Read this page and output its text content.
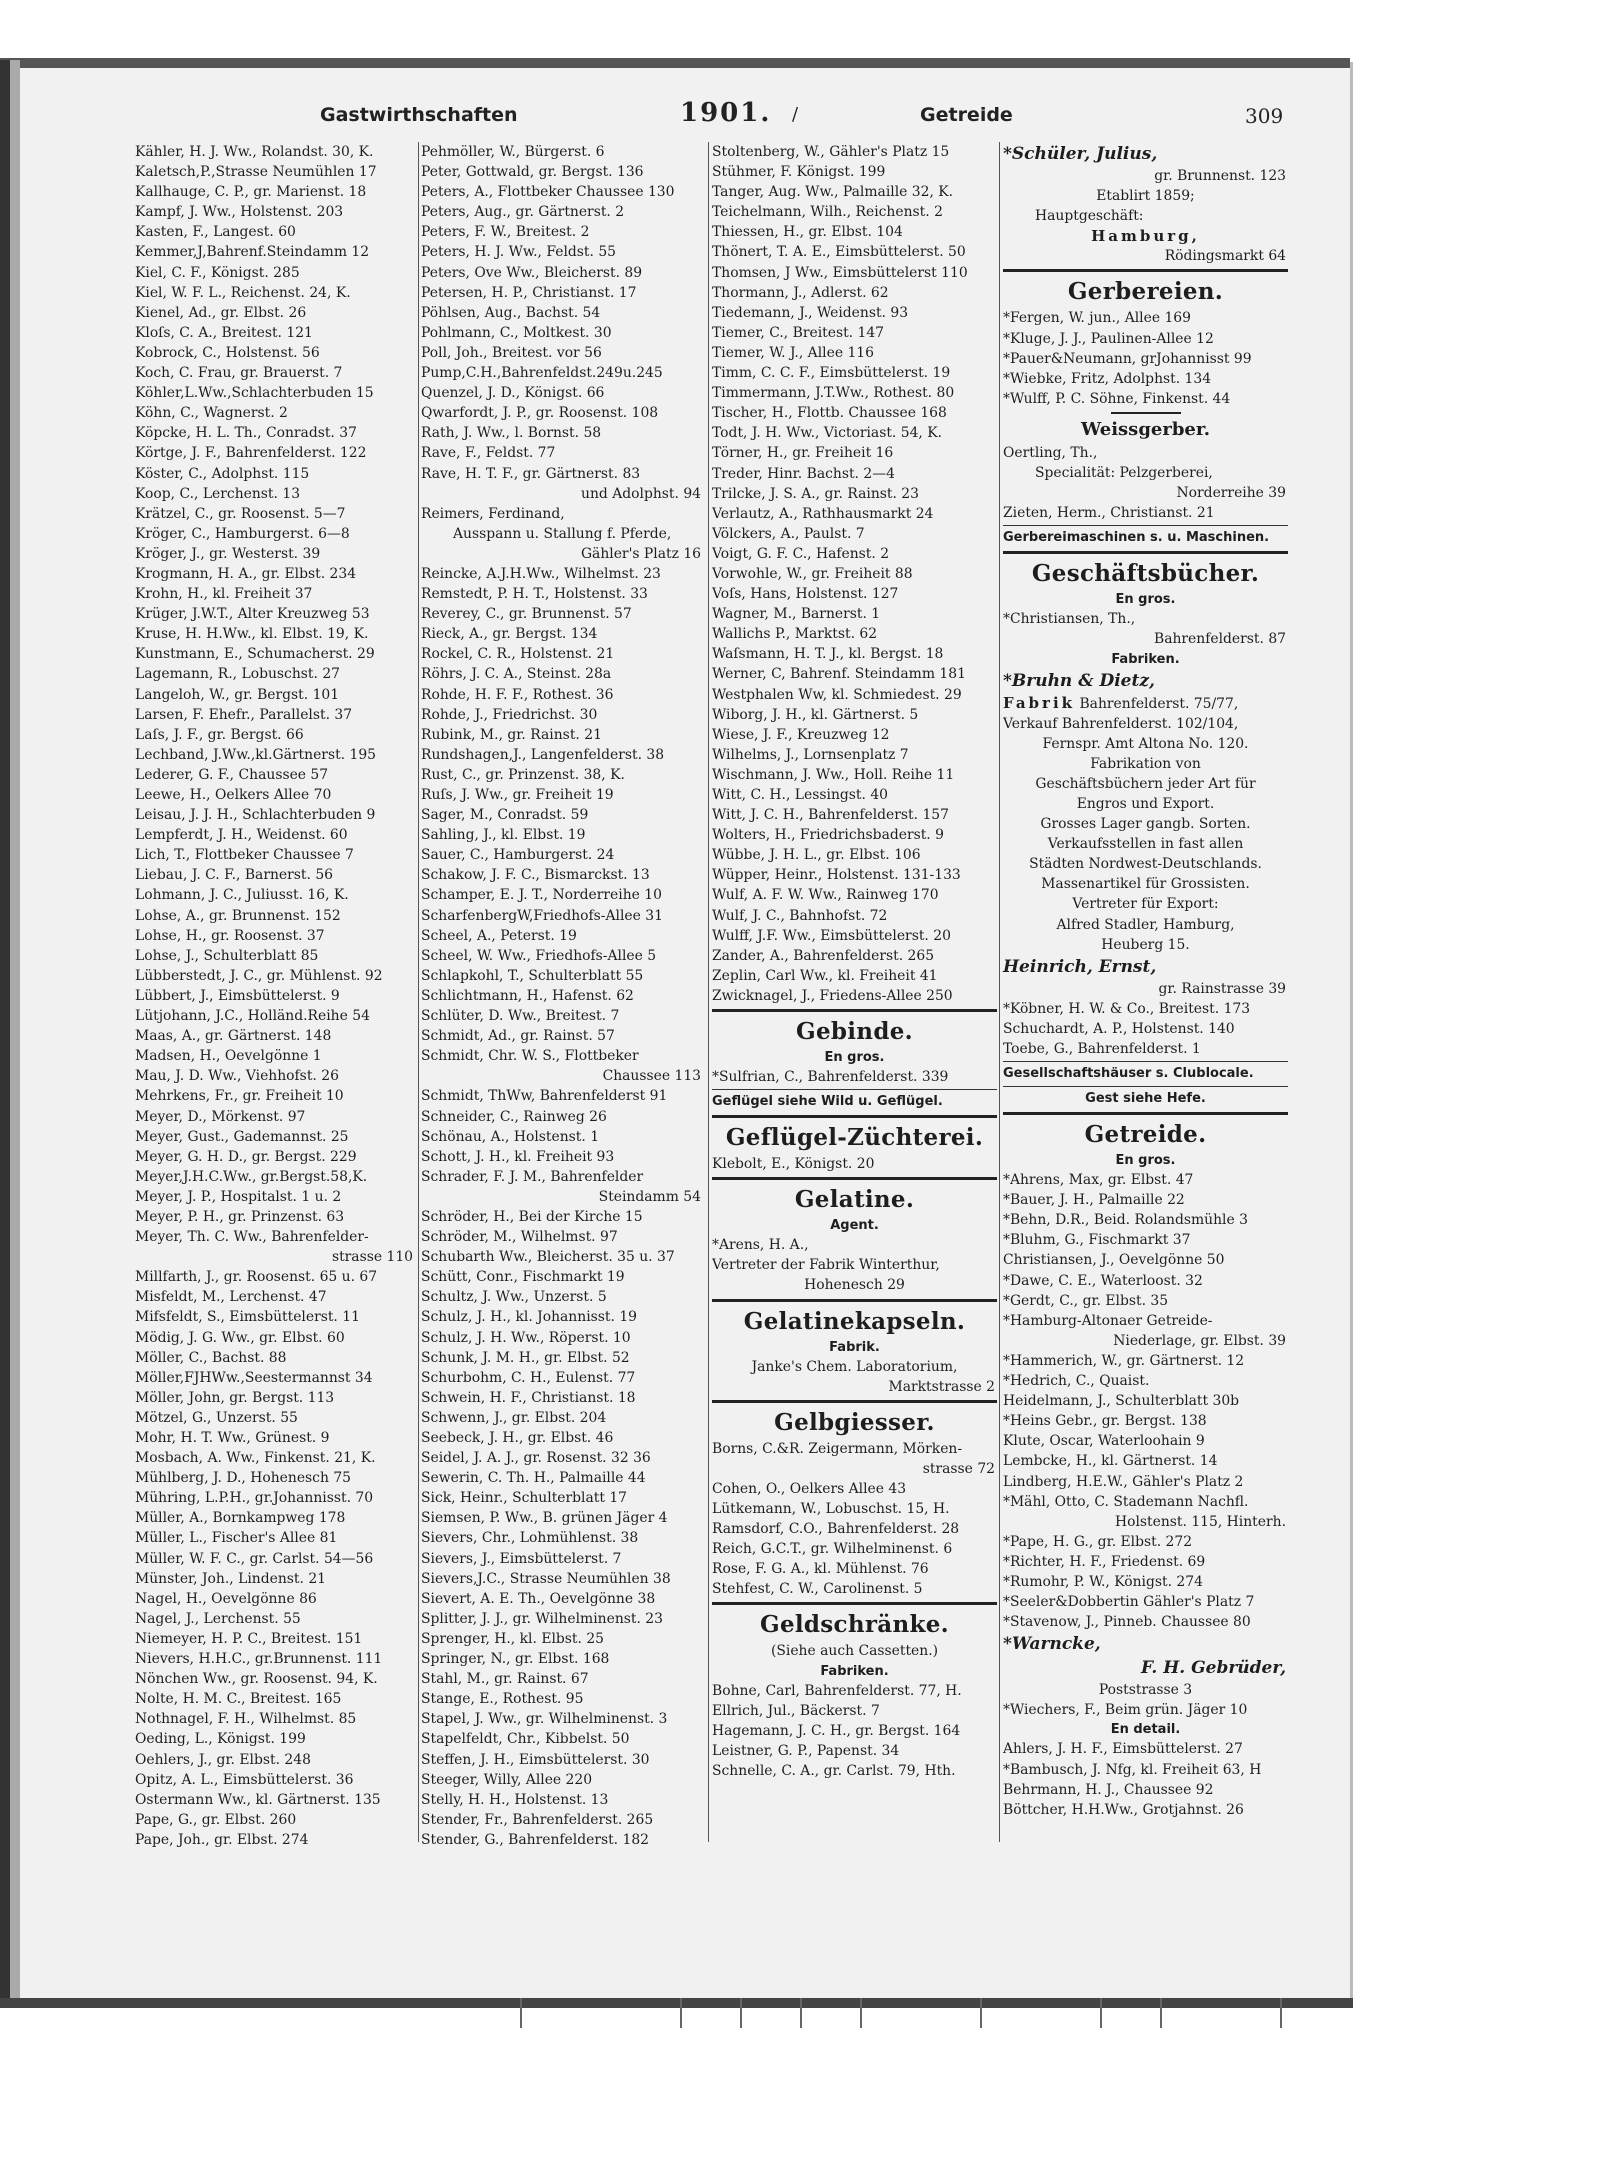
Gastwirthschaften	1901. /	Getreide	309
Kähler, H. J. Ww., Rolandst. 30, K.
Kaletsch,P.,Strasse Neumühlen 17
Kallhauge, C. P., gr. Marienst. 18
Kampf, J. Ww., Holstenst. 203
Kasten, F., Langest. 60
Kemmer,J,Bahrenf.Steindamm 12
Kiel, C. F., Königst. 285
Kiel, W. F. L., Reichenst. 24, K.
Kienel, Ad., gr. Elbst. 26
Kloſs, C. A., Breitest. 121
Kobrock, C., Holstenst. 56
Koch, C. Frau, gr. Brauerst. 7
Köhler,L.Ww.,Schlachterbuden 15
Köhn, C., Wagnerst. 2
Köpcke, H. L. Th., Conradst. 37
Körtge, J. F., Bahrenfelderst. 122
Köster, C., Adolphst. 115
Koop, C., Lerchenst. 13
Krätzel, C., gr. Roosenst. 5—7
Kröger, C., Hamburgerst. 6—8
Kröger, J., gr. Westerst. 39
Krogmann, H. A., gr. Elbst. 234
Krohn, H., kl. Freiheit 37
Krüger, J.W.T., Alter Kreuzweg 53
Kruse, H. H.Ww., kl. Elbst. 19, K.
Kunstmann, E., Schumacherst. 29
Lagemann, R., Lobuschst. 27
Langeloh, W., gr. Bergst. 101
Larsen, F. Ehefr., Parallelst. 37
Laſs, J. F., gr. Bergst. 66
Lechband, J.Ww.,kl.Gärtnerst. 195
Lederer, G. F., Chaussee 57
Leewe, H., Oelkers Allee 70
Leisau, J. J. H., Schlachterbuden 9
Lempferdt, J. H., Weidenst. 60
Lich, T., Flottbeker Chaussee 7
Liebau, J. C. F., Barnerst. 56
Lohmann, J. C., Juliusst. 16, K.
Lohse, A., gr. Brunnenst. 152
Lohse, H., gr. Roosenst. 37
Lohse, J., Schulterblatt 85
Lübberstedt, J. C., gr. Mühlenst. 92
Lübbert, J., Eimsbüttelerst. 9
Lütjohann, J.C., Holländ.Reihe 54
Maas, A., gr. Gärtnerst. 148
Madsen, H., Oevelgönne 1
Mau, J. D. Ww., Viehhofst. 26
Mehrkens, Fr., gr. Freiheit 10
Meyer, D., Mörkenst. 97
Meyer, Gust., Gademannst. 25
Meyer, G. H. D., gr. Bergst. 229
Meyer,J.H.C.Ww., gr.Bergst.58,K.
Meyer, J. P., Hospitalst. 1 u. 2
Meyer, P. H., gr. Prinzenst. 63
Meyer, Th. C. Ww., Bahrenfelder-
strasse 110
Millfarth, J., gr. Roosenst. 65 u. 67
Misfeldt, M., Lerchenst. 47
Mifsfeldt, S., Eimsbüttelerst. 11
Mödig, J. G. Ww., gr. Elbst. 60
Möller, C., Bachst. 88
Möller,FJHWw.,Seestermannst 34
Möller, John, gr. Bergst. 113
Mötzel, G., Unzerst. 55
Mohr, H. T. Ww., Grünest. 9
Mosbach, A. Ww., Finkenst. 21, K.
Mühlberg, J. D., Hohenesch 75
Mühring, L.P.H., gr.Johannisst. 70
Müller, A., Bornkampweg 178
Müller, L., Fischer's Allee 81
Müller, W. F. C., gr. Carlst. 54—56
Münster, Joh., Lindenst. 21
Nagel, H., Oevelgönne 86
Nagel, J., Lerchenst. 55
Niemeyer, H. P. C., Breitest. 151
Nievers, H.H.C., gr.Brunnenst. 111
Nönchen Ww., gr. Roosenst. 94, K.
Nolte, H. M. C., Breitest. 165
Nothnagel, F. H., Wilhelmst. 85
Oeding, L., Königst. 199
Oehlers, J., gr. Elbst. 248
Opitz, A. L., Eimsbüttelerst. 36
Ostermann Ww., kl. Gärtnerst. 135
Pape, G., gr. Elbst. 260
Pape, Joh., gr. Elbst. 274
Pehmöller, W., Bürgerst. 6
Peter, Gottwald, gr. Bergst. 136
Peters, A., Flottbeker Chaussee 130
Peters, Aug., gr. Gärtnerst. 2
Peters, F. W., Breitest. 2
Peters, H. J. Ww., Feldst. 55
Peters, Ove Ww., Bleicherst. 89
Petersen, H. P., Christianst. 17
Pöhlsen, Aug., Bachst. 54
Pohlmann, C., Moltkest. 30
Poll, Joh., Breitest. vor 56
Pump,C.H.,Bahrenfeldst.249u.245
Quenzel, J. D., Königst. 66
Qwarfordt, J. P., gr. Roosenst. 108
Rath, J. Ww., l. Bornst. 58
Rave, F., Feldst. 77
Rave, H. T. F., gr. Gärtnerst. 83
und Adolphst. 94
Reimers, Ferdinand,
Ausspann u. Stallung f. Pferde,
Gähler's Platz 16
Reincke, A.J.H.Ww., Wilhelmst. 23
Remstedt, P. H. T., Holstenst. 33
Reverey, C., gr. Brunnenst. 57
Rieck, A., gr. Bergst. 134
Rockel, C. R., Holstenst. 21
Röhrs, J. C. A., Steinst. 28a
Rohde, H. F. F., Rothest. 36
Rohde, J., Friedrichst. 30
Rubink, M., gr. Rainst. 21
Rundshagen,J., Langenfelderst. 38
Rust, C., gr. Prinzenst. 38, K.
Ruſs, J. Ww., gr. Freiheit 19
Sager, M., Conradst. 59
Sahling, J., kl. Elbst. 19
Sauer, C., Hamburgerst. 24
Schakow, J. F. C., Bismarckst. 13
Schamper, E. J. T., Norderreihe 10
ScharfenbergW,Friedhofs-Allee 31
Scheel, A., Peterst. 19
Scheel, W. Ww., Friedhofs-Allee 5
Schlapkohl, T., Schulterblatt 55
Schlichtmann, H., Hafenst. 62
Schlüter, D. Ww., Breitest. 7
Schmidt, Ad., gr. Rainst. 57
Schmidt, Chr. W. S., Flottbeker
Chaussee 113
Schmidt, ThWw, Bahrenfelderst 91
Schneider, C., Rainweg 26
Schönau, A., Holstenst. 1
Schott, J. H., kl. Freiheit 93
Schrader, F. J. M., Bahrenfelder
Steindamm 54
Schröder, H., Bei der Kirche 15
Schröder, M., Wilhelmst. 97
Schubarth Ww., Bleicherst. 35 u. 37
Schütt, Conr., Fischmarkt 19
Schultz, J. Ww., Unzerst. 5
Schulz, J. H., kl. Johannisst. 19
Schulz, J. H. Ww., Röperst. 10
Schunk, J. M. H., gr. Elbst. 52
Schurbohm, C. H., Eulenst. 77
Schwein, H. F., Christianst. 18
Schwenn, J., gr. Elbst. 204
Seebeck, J. H., gr. Elbst. 46
Seidel, J. A. J., gr. Rosenst. 32 36
Sewerin, C. Th. H., Palmaille 44
Sick, Heinr., Schulterblatt 17
Siemsen, P. Ww., B. grünen Jäger 4
Sievers, Chr., Lohmühlenst. 38
Sievers, J., Eimsbüttelerst. 7
Sievers,J.C., Strasse Neumühlen 38
Sievert, A. E. Th., Oevelgönne 38
Splitter, J. J., gr. Wilhelminenst. 23
Sprenger, H., kl. Elbst. 25
Springer, N., gr. Elbst. 168
Stahl, M., gr. Rainst. 67
Stange, E., Rothest. 95
Stapel, J. Ww., gr. Wilhelminenst. 3
Stapelfeldt, Chr., Kibbelst. 50
Steffen, J. H., Eimsbüttelerst. 30
Steeger, Willy, Allee 220
Stelly, H. H., Holstenst. 13
Stender, Fr., Bahrenfelderst. 265
Stender, G., Bahrenfelderst. 182
Stoltenberg, W., Gähler's Platz 15
Stühmer, F. Königst. 199
Tanger, Aug. Ww., Palmaille 32, K.
Teichelmann, Wilh., Reichenst. 2
Thiessen, H., gr. Elbst. 104
Thönert, T. A. E., Eimsbüttelerst. 50
Thomsen, J Ww., Eimsbüttelerst 110
Thormann, J., Adlerst. 62
Tiedemann, J., Weidenst. 93
Tiemer, C., Breitest. 147
Tiemer, W. J., Allee 116
Timm, C. C. F., Eimsbüttelerst. 19
Timmermann, J.T.Ww., Rothest. 80
Tischer, H., Flottb. Chaussee 168
Todt, J. H. Ww., Victoriast. 54, K.
Törner, H., gr. Freiheit 16
Treder, Hinr. Bachst. 2—4
Trilcke, J. S. A., gr. Rainst. 23
Verlautz, A., Rathhausmarkt 24
Völckers, A., Paulst. 7
Voigt, G. F. C., Hafenst. 2
Vorwohle, W., gr. Freiheit 88
Voſs, Hans, Holstenst. 127
Wagner, M., Barnerst. 1
Wallichs P., Marktst. 62
Waſsmann, H. T. J., kl. Bergst. 18
Werner, C, Bahrenf. Steindamm 181
Westphalen Ww, kl. Schmiedest. 29
Wiborg, J. H., kl. Gärtnerst. 5
Wiese, J. F., Kreuzweg 12
Wilhelms, J., Lornsenplatz 7
Wischmann, J. Ww., Holl. Reihe 11
Witt, C. H., Lessingst. 40
Witt, J. C. H., Bahrenfelderst. 157
Wolters, H., Friedrichsbaderst. 9
Wübbe, J. H. L., gr. Elbst. 106
Wüpper, Heinr., Holstenst. 131-133
Wulf, A. F. W. Ww., Rainweg 170
Wulf, J. C., Bahnhofst. 72
Wulff, J.F. Ww., Eimsbüttelerst. 20
Zander, A., Bahrenfelderst. 265
Zeplin, Carl Ww., kl. Freiheit 41
Zwicknagel, J., Friedens-Allee 250
Gebinde.
En gros.
*Sulfrian, C., Bahrenfelderst. 339
Geflügel siehe Wild u. Geflügel.
Geflügel-Züchterei.
Klebolt, E., Königst. 20
Gelatine.
Agent.
*Arens, H. A.,
Vertreter der Fabrik Winterthur,
Hohenesch 29
Gelatinekapseln.
Fabrik.
Janke's Chem. Laboratorium,
Marktstrasse 2
Gelbgiesser.
Borns, C.&R. Zeigermann, Mörken-
strasse 72
Cohen, O., Oelkers Allee 43
Lütkemann, W., Lobuschst. 15, H.
Ramsdorf, C.O., Bahrenfelderst. 28
Reich, G.C.T., gr. Wilhelminenst. 6
Rose, F. G. A., kl. Mühlenst. 76
Stehfest, C. W., Carolinenst. 5
Geldschränke.
(Siehe auch Cassetten.)
Fabriken.
Bohne, Carl, Bahrenfelderst. 77, H.
Ellrich, Jul., Bäckerst. 7
Hagemann, J. C. H., gr. Bergst. 164
Leistner, G. P., Papenst. 34
Schnelle, C. A., gr. Carlst. 79, Hth.
*Schüler, Julius,
gr. Brunnenst. 123
Etablirt 1859;
Hauptgeschäft:
Hamburg,
Rödingsmarkt 64
Gerbereien.
*Fergen, W. jun., Allee 169
*Kluge, J. J., Paulinen-Allee 12
*Pauer&Neumann, grJohannisst 99
*Wiebke, Fritz, Adolphst. 134
*Wulff, P. C. Söhne, Finkenst. 44
Weissgerber.
Oertling, Th.,
Specialität: Pelzgerberei,
Norderreihe 39
Zieten, Herm., Christianst. 21
Gerbereimaschinen s. u. Maschinen.
Geschäftsbücher.
En gros.
*Christiansen, Th.,
Bahrenfelderst. 87
Fabriken.
*Bruhn & Dietz,
Fabrik Bahrenfelderst. 75/77,
Verkauf Bahrenfelderst. 102/104,
Fernspr. Amt Altona No. 120.
Fabrikation von
Geschäftsbüchern jeder Art für
Engros und Export.
Grosses Lager gangb. Sorten.
Verkaufsstellen in fast allen
Städten Nordwest-Deutschlands.
Massenartikel für Grossisten.
Vertreter für Export:
Alfred Stadler, Hamburg,
Heuberg 15.
Heinrich, Ernst,
gr. Rainstrasse 39
*Köbner, H. W. & Co., Breitest. 173
Schuchardt, A. P., Holstenst. 140
Toebe, G., Bahrenfelderst. 1
Gesellschaftshäuser s. Clublocale.
Gest siehe Hefe.
Getreide.
En gros.
*Ahrens, Max, gr. Elbst. 47
*Bauer, J. H., Palmaille 22
*Behn, D.R., Beid. Rolandsmühle 3
*Bluhm, G., Fischmarkt 37
Christiansen, J., Oevelgönne 50
*Dawe, C. E., Waterloost. 32
*Gerdt, C., gr. Elbst. 35
*Hamburg-Altonaer Getreide-
Niederlage, gr. Elbst. 39
*Hammerich, W., gr. Gärtnerst. 12
*Hedrich, C., Quaist.
Heidelmann, J., Schulterblatt 30b
*Heins Gebr., gr. Bergst. 138
Klute, Oscar, Waterloohain 9
Lembcke, H., kl. Gärtnerst. 14
Lindberg, H.E.W., Gähler's Platz 2
*Mähl, Otto, C. Stademann Nachfl.
Holstenst. 115, Hinterh.
*Pape, H. G., gr. Elbst. 272
*Richter, H. F., Friedenst. 69
*Rumohr, P. W., Königst. 274
*Seeler&Dobbertin Gähler's Platz 7
*Stavenow, J., Pinneb. Chaussee 80
*Warncke,
F. H. Gebrüder,
Poststrasse 3
*Wiechers, F., Beim grün. Jäger 10
En detail.
Ahlers, J. H. F., Eimsbüttelerst. 27
*Bambusch, J. Nfg, kl. Freiheit 63, H
Behrmann, H. J., Chaussee 92
Böttcher, H.H.Ww., Grotjahnst. 26
